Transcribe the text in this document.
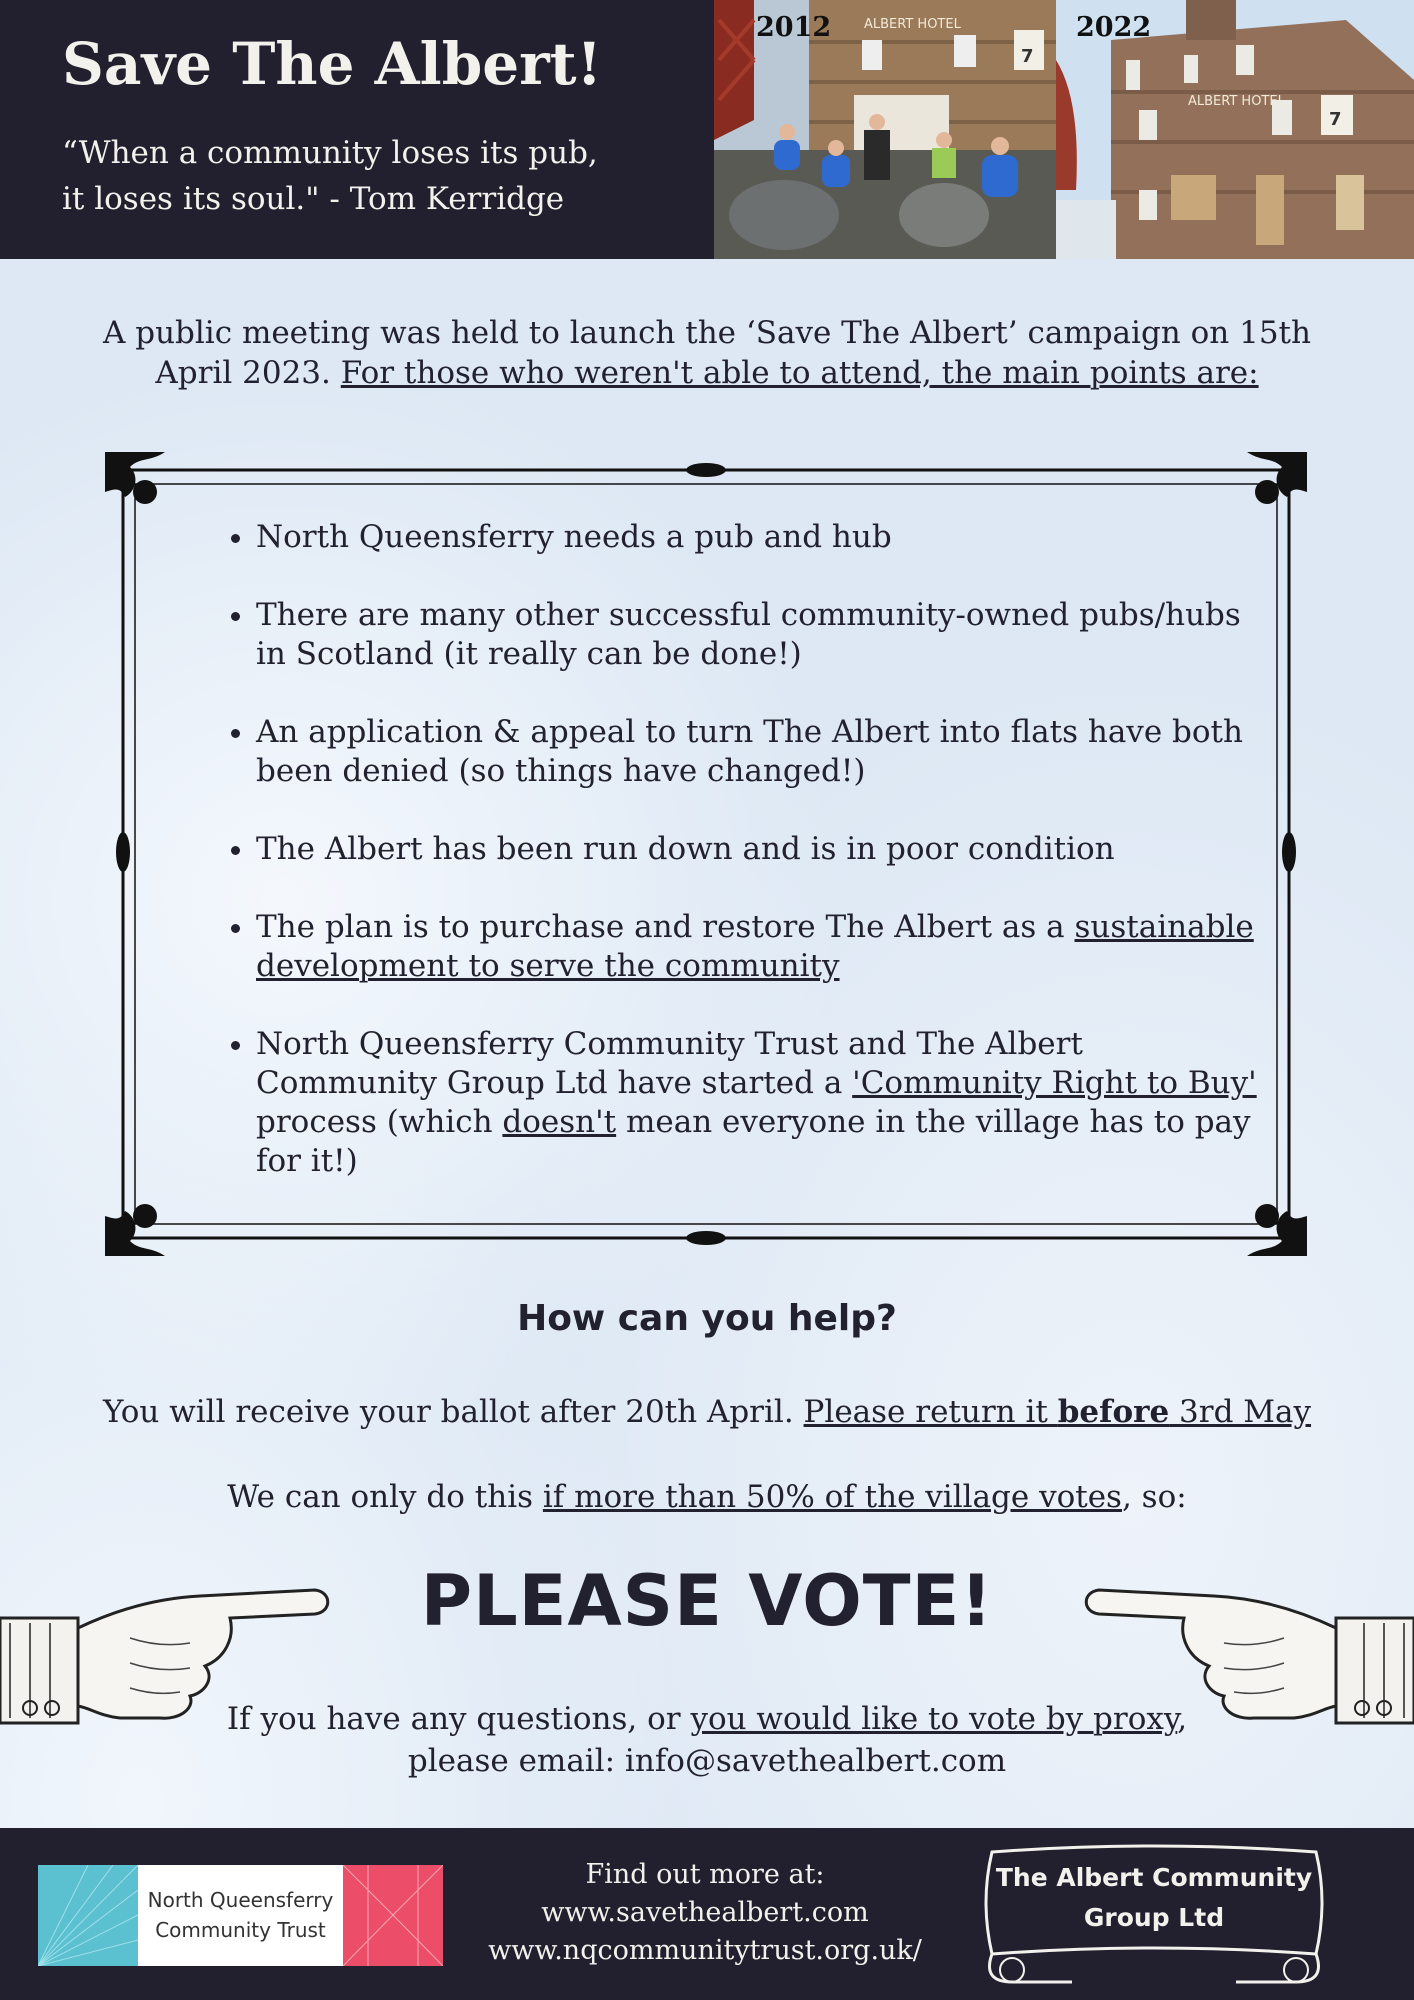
Save The Albert!
“When a community loses its pub,
it loses its soul." - Tom Kerridge
ALBERT HOTEL
7
2012
ALBERT HOTEL
7
2022
A public meeting was held to launch the ‘Save The Albert’ campaign on 15th April 2023. For those who weren't able to attend, the main points are:
• North Queensferry needs a pub and hub
• There are many other successful community-owned pubs/hubs in Scotland (it really can be done!)
• An application & appeal to turn The Albert into flats have both been denied (so things have changed!)
• The Albert has been run down and is in poor condition
• The plan is to purchase and restore The Albert as a sustainable development to serve the community
• North Queensferry Community Trust and The Albert Community Group Ltd have started a 'Community Right to Buy' process (which doesn't mean everyone in the village has to pay for it!)
How can you help?
You will receive your ballot after 20th April. Please return it before 3rd May
We can only do this if more than 50% of the village votes, so:
PLEASE VOTE!
If you have any questions, or you would like to vote by proxy, please email: info@savethealbert.com
North Queensferry
Community Trust
Find out more at:
www.savethealbert.com
www.nqcommunitytrust.org.uk/
The Albert Community
Group Ltd
